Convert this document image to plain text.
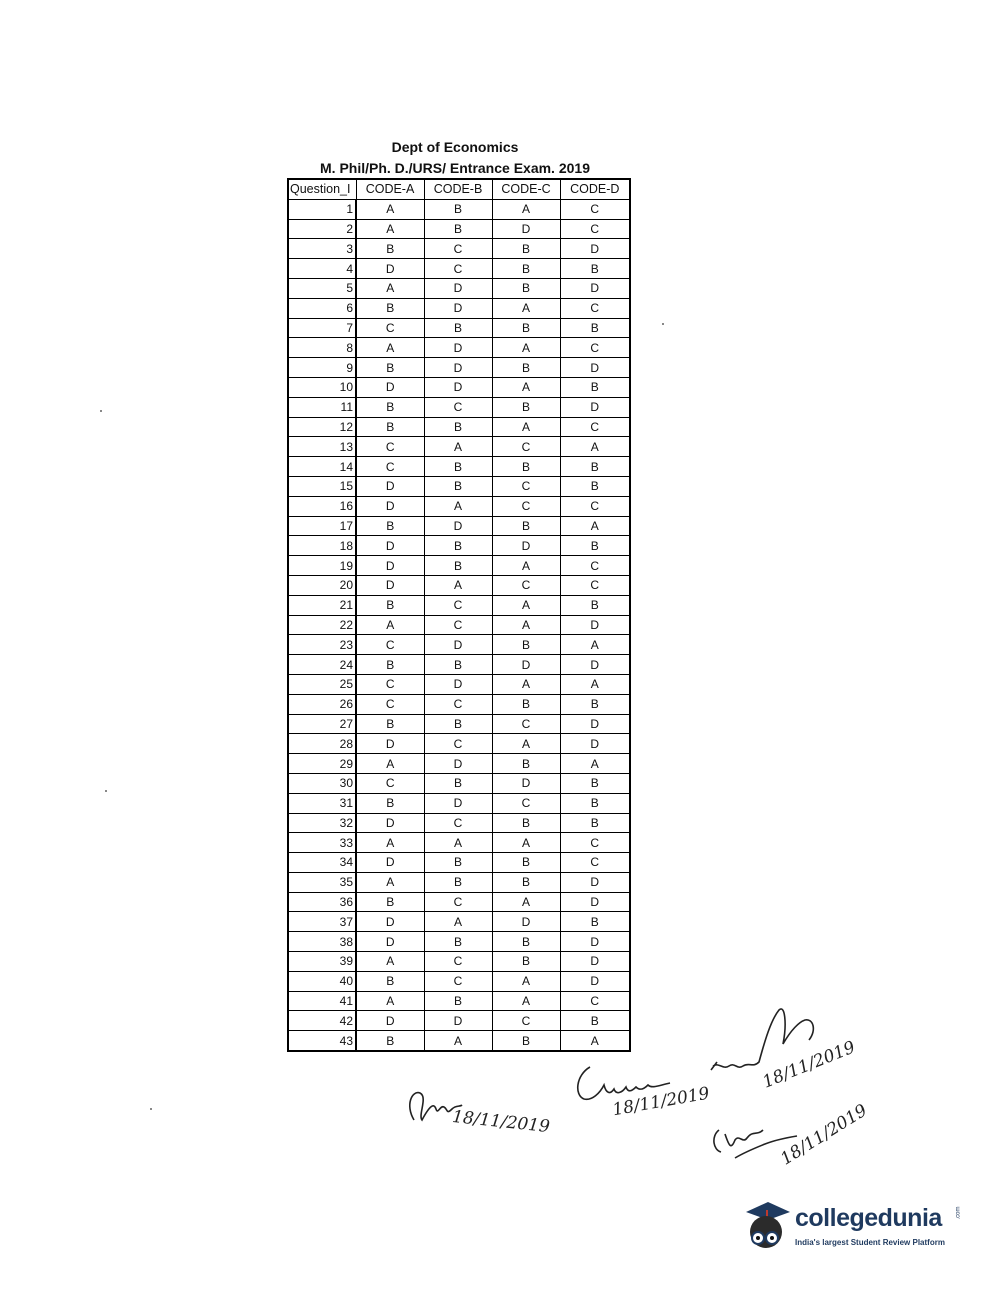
Dept of Economics
M. Phil/Ph. D./URS/ Entrance Exam. 2019
Question_I	CODE-A	CODE-B	CODE-C	CODE-D
1	A	B	A	C
2	A	B	D	C
3	B	C	B	D
4	D	C	B	B
5	A	D	B	D
6	B	D	A	C
7	C	B	B	B
8	A	D	A	C
9	B	D	B	D
10	D	D	A	B
11	B	C	B	D
12	B	B	A	C
13	C	A	C	A
14	C	B	B	B
15	D	B	C	B
16	D	A	C	C
17	B	D	B	A
18	D	B	D	B
19	D	B	A	C
20	D	A	C	C
21	B	C	A	B
22	A	C	A	D
23	C	D	B	A
24	B	B	D	D
25	C	D	A	A
26	C	C	B	B
27	B	B	C	D
28	D	C	A	D
29	A	D	B	A
30	C	B	D	B
31	B	D	C	B
32	D	C	B	B
33	A	A	A	C
34	D	B	B	C
35	A	B	B	D
36	B	C	A	D
37	D	A	D	B
38	D	B	B	D
39	A	C	B	D
40	B	C	A	D
41	A	B	A	C
42	D	D	C	B
43	B	A	B	A
18/11/2019
18/11/2019
18/11/2019
18/11/2019
collegedunia .com
India's largest Student Review Platform
